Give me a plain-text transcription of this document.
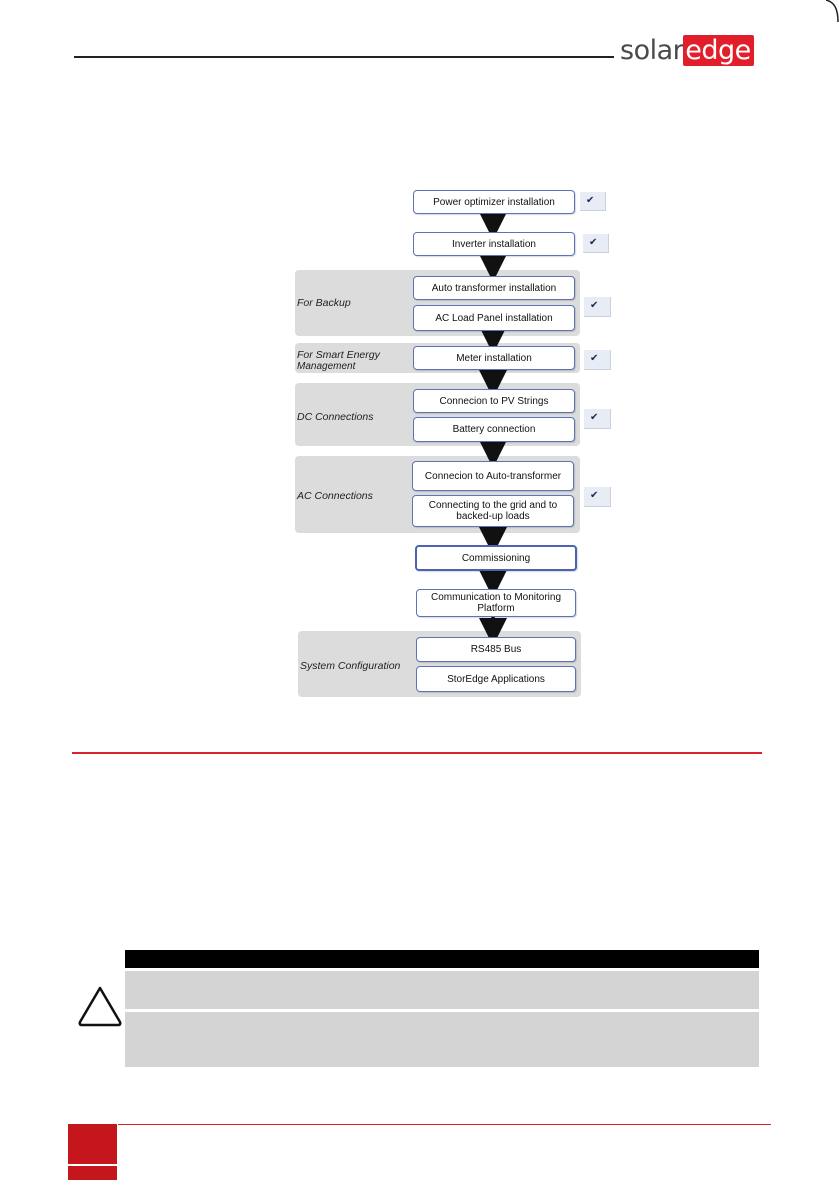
solaredge
For Backup
For Smart Energy
Management
DC Connections
AC Connections
System Configuration
Power optimizer installation
Inverter installation
Auto transformer installation
AC Load Panel installation
Meter installation
Connecion to PV Strings
Battery connection
Connecion to Auto-transformer
Connecting to the grid and to backed-up loads
Commissioning
Communication to Monitoring Platform
RS485 Bus
StorEdge Applications
✔
✔
✔
✔
✔
✔
